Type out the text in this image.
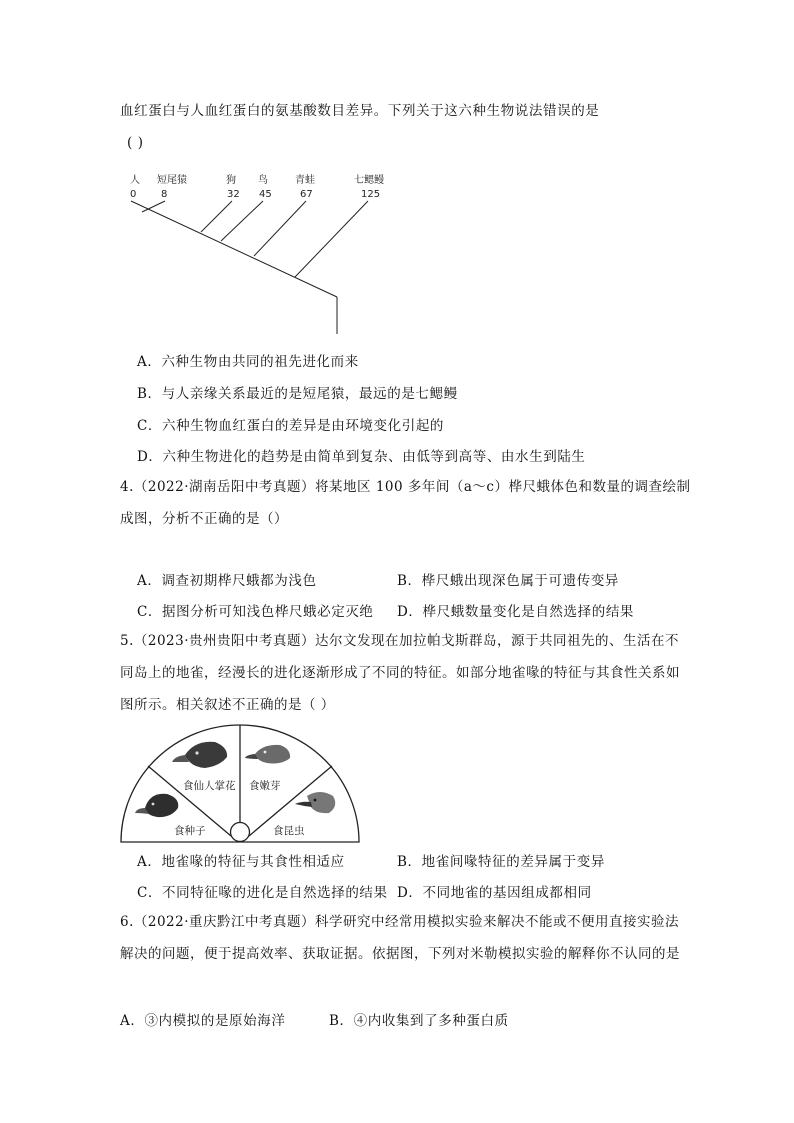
血红蛋白与人血红蛋白的氨基酸数目差异。下列关于这六种生物说法错误的是
( )
人 短尾猿	狗 鸟	青蛙	七鳃鳗
0 8	32 45	67	125
A．六种生物由共同的祖先进化而来
B．与人亲缘关系最近的是短尾猿，最远的是七鳃鳗
C．六种生物血红蛋白的差异是由环境变化引起的
D．六种生物进化的趋势是由简单到复杂、由低等到高等、由水生到陆生
4.（2022·湖南岳阳中考真题）将某地区 100 多年间（a～c）桦尺蛾体色和数量的调查绘制
成图，分析不正确的是（）
A．调查初期桦尺蛾都为浅色	B．桦尺蛾出现深色属于可遗传变异
C．据图分析可知浅色桦尺蛾必定灭绝 D．桦尺蛾数量变化是自然选择的结果
5.（2023·贵州贵阳中考真题）达尔文发现在加拉帕戈斯群岛，源于共同祖先的、生活在不
同岛上的地雀，经漫长的进化逐渐形成了不同的特征。如部分地雀喙的特征与其食性关系如
图所示。相关叙述不正确的是（ ）
食仙人掌花 食嫩芽
食种子	食昆虫
A．地雀喙的特征与其食性相适应	B．地雀间喙特征的差异属于变异
C．不同特征喙的进化是自然选择的结果 D．不同地雀的基因组成都相同
6.（2022·重庆黔江中考真题）科学研究中经常用模拟实验来解决不能或不便用直接实验法
解决的问题，便于提高效率、获取证据。依据图，下列对米勒模拟实验的解释你不认同的是
A．③内模拟的是原始海洋	B．④内收集到了多种蛋白质
